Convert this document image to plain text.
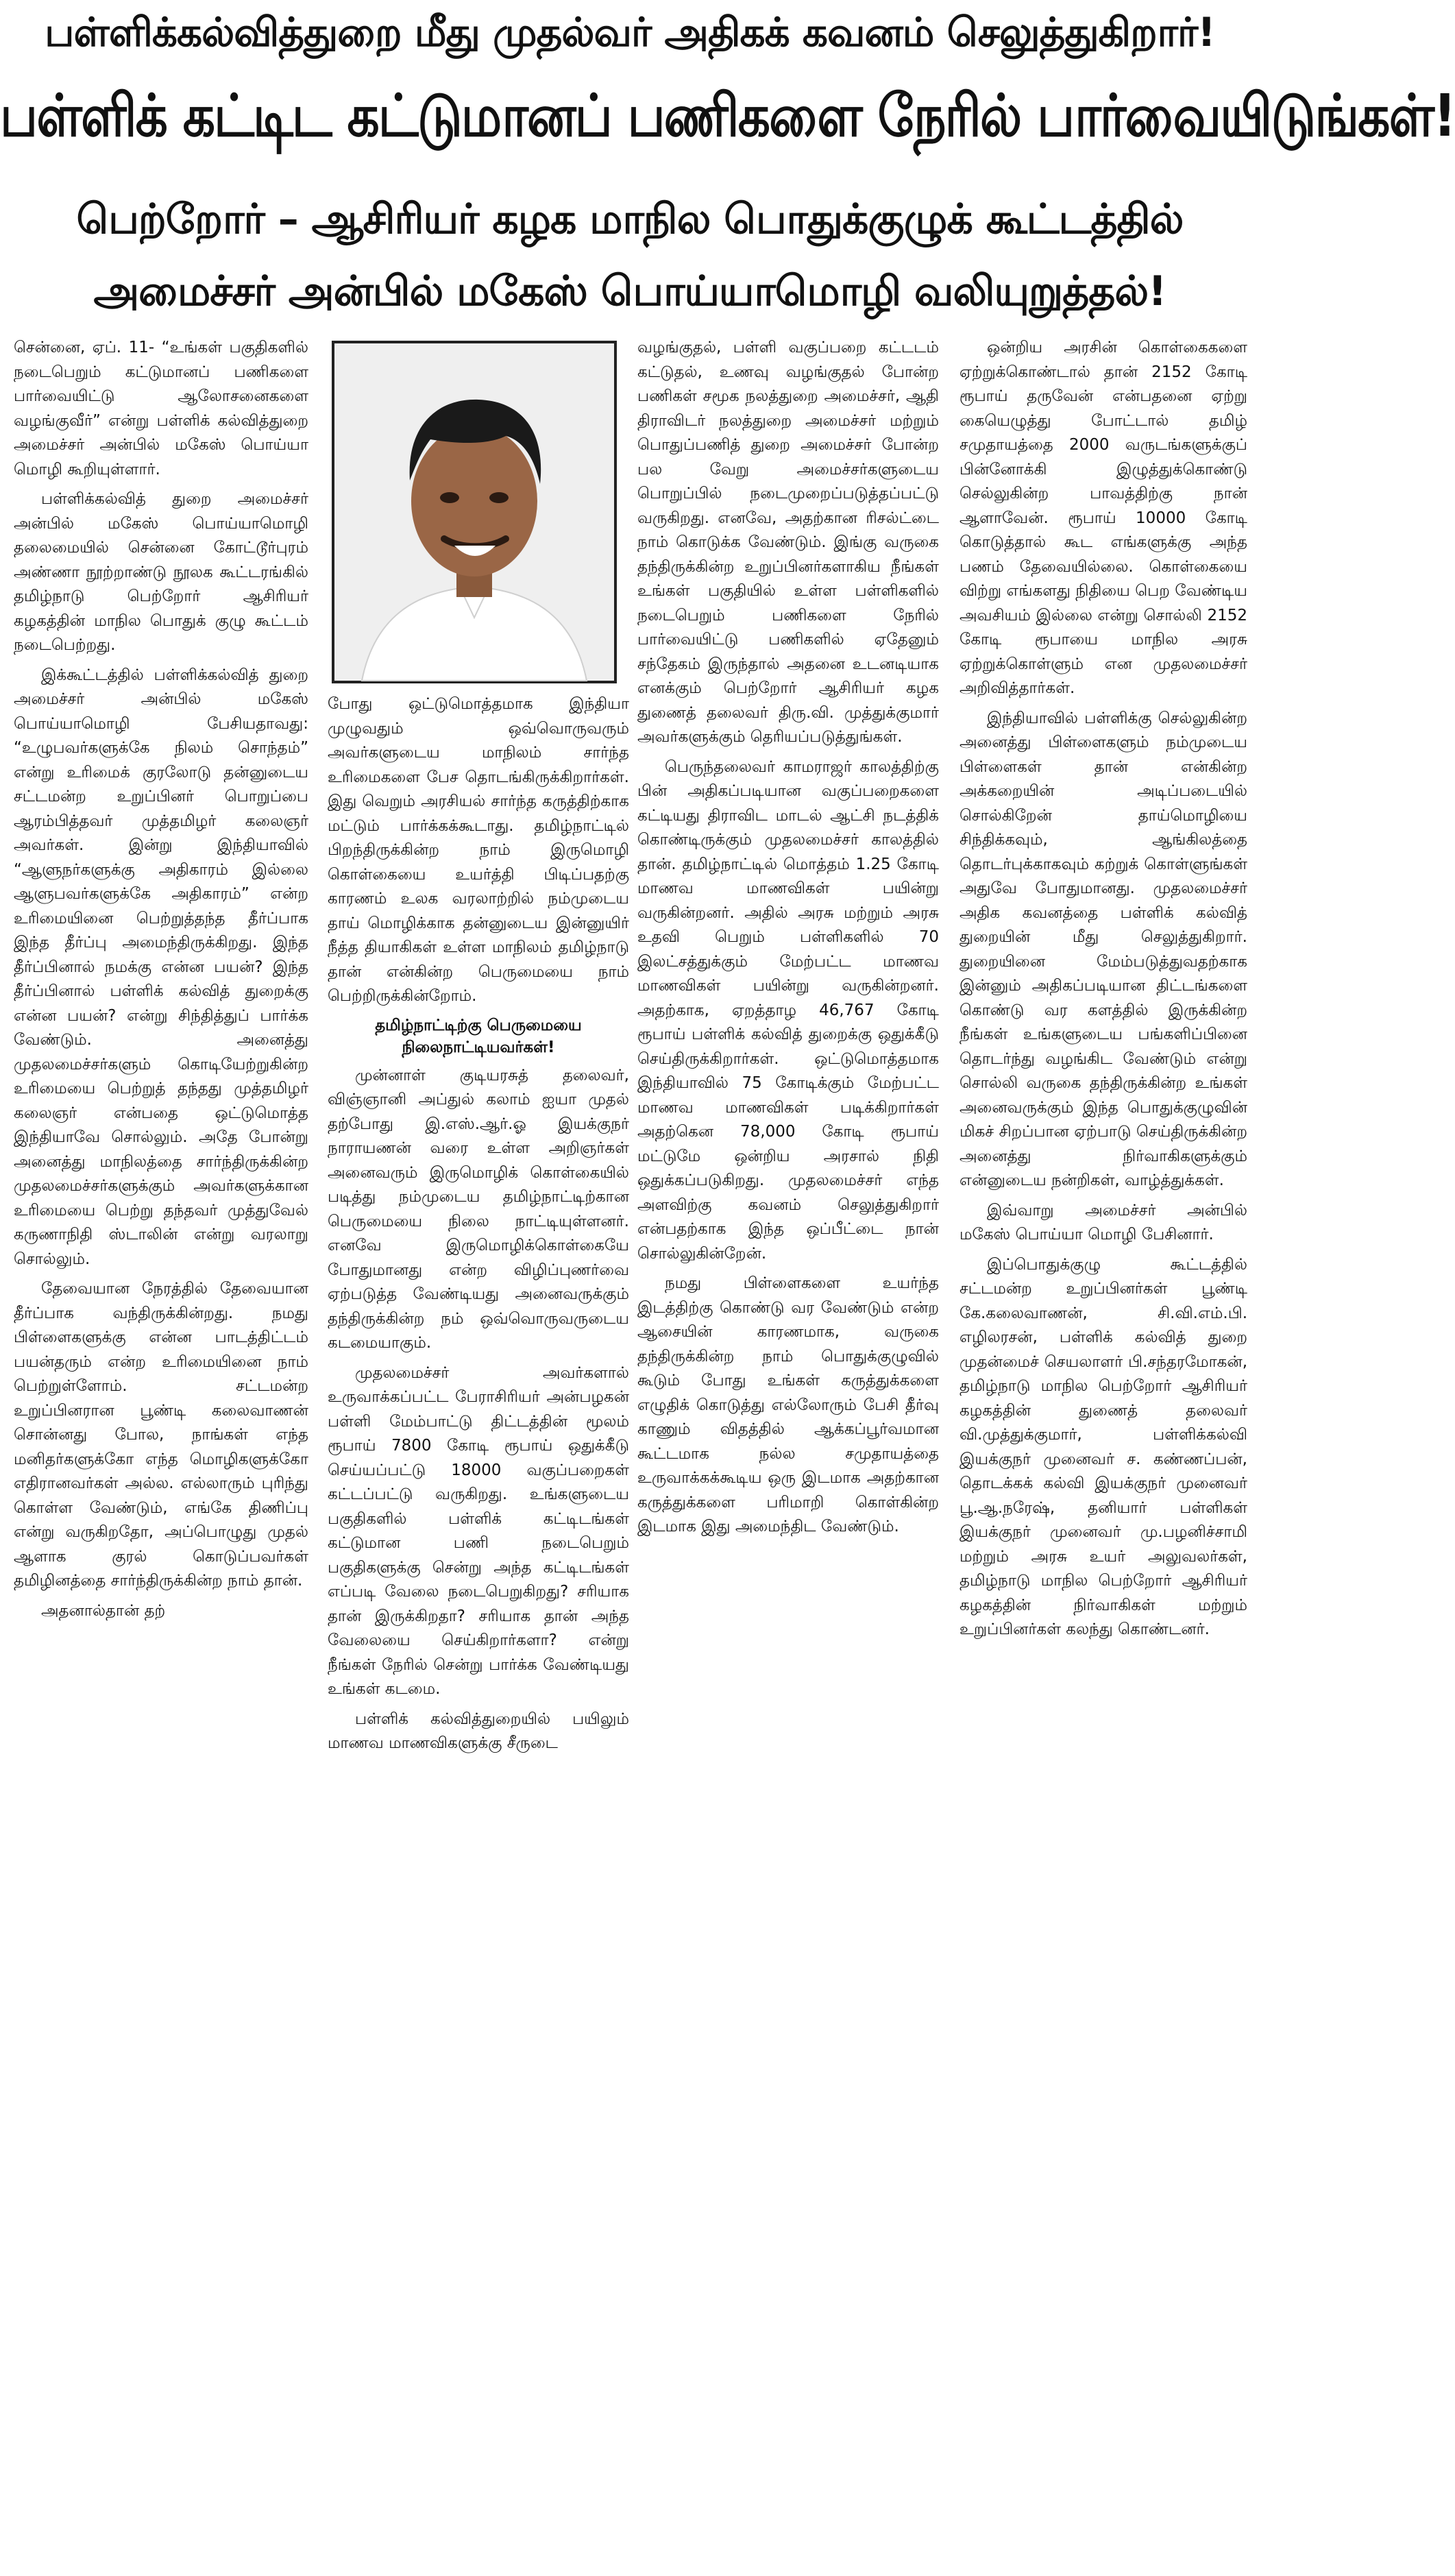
பள்ளிக்கல்வித்துறை மீது முதல்வர் அதிகக் கவனம் செலுத்துகிறார்!
பள்ளிக் கட்டிட கட்டுமானப் பணிகளை நேரில் பார்வையிடுங்கள்!
பெற்றோர் – ஆசிரியர் கழக மாநில பொதுக்குழுக் கூட்டத்தில்
அமைச்சர் அன்பில் மகேஸ் பொய்யாமொழி வலியுறுத்தல்!

சென்னை, ஏப். 11- “உங்கள் பகுதிகளில் நடைபெறும் கட்டுமானப் பணிகளை பார்வையிட்டு ஆலோசனைகளை வழங்குவீர்” என்று பள்ளிக் கல்வித்துறை அமைச்சர் அன்பில் மகேஸ் பொய்யா மொழி கூறியுள்ளார்.

பள்ளிக்கல்வித் துறை அமைச்சர் அன்பில் மகேஸ் பொய்யாமொழி தலைமையில் சென்னை கோட்டூர்புரம் அண்ணா நூற்றாண்டு நூலக கூட்டரங்கில் தமிழ்நாடு பெற்றோர் ஆசிரியர் கழகத்தின் மாநில பொதுக் குழு கூட்டம் நடைபெற்றது.

இக்கூட்டத்தில் பள்ளிக்கல்வித் துறை அமைச்சர் அன்பில் மகேஸ் பொய்யாமொழி பேசியதாவது: “உழுபவர்களுக்கே நிலம் சொந்தம்” என்று உரிமைக் குரலோடு தன்னுடைய சட்டமன்ற உறுப்பினர் பொறுப்பை ஆரம்பித்தவர் முத்தமிழர் கலைஞர் அவர்கள். இன்று இந்தியாவில் “ஆளுநர்களுக்கு அதிகாரம் இல்லை ஆளுபவர்களுக்கே அதிகாரம்” என்ற உரிமையினை பெற்றுத்தந்த தீர்ப்பாக இந்த தீர்ப்பு அமைந்திருக்கிறது. இந்த தீர்ப்பினால் நமக்கு என்ன பயன்? இந்த தீர்ப்பினால் பள்ளிக் கல்வித் துறைக்கு என்ன பயன்? என்று சிந்தித்துப் பார்க்க வேண்டும். அனைத்து முதலமைச்சர்களும் கொடியேற்றுகின்ற உரிமையை பெற்றுத் தந்தது முத்தமிழர் கலைஞர் என்பதை ஒட்டுமொத்த இந்தியாவே சொல்லும். அதே போன்று அனைத்து மாநிலத்தை சார்ந்திருக்கின்ற முதலமைச்சர்களுக்கும் அவர்களுக்கான உரிமையை பெற்று தந்தவர் முத்துவேல் கருணாநிதி ஸ்டாலின் என்று வரலாறு சொல்லும்.

தேவையான நேரத்தில் தேவையான தீர்ப்பாக வந்திருக்கின்றது. நமது பிள்ளைகளுக்கு என்ன பாடத்திட்டம் பயன்தரும் என்ற உரிமையினை நாம் பெற்றுள்ளோம். சட்டமன்ற உறுப்பினரான பூண்டி கலைவாணன் சொன்னது போல, நாங்கள் எந்த மனிதர்களுக்கோ எந்த மொழிகளுக்கோ எதிரானவர்கள் அல்ல. எல்லாரும் புரிந்து கொள்ள வேண்டும், எங்கே திணிப்பு என்று வருகிறதோ, அப்பொழுது முதல் ஆளாக குரல் கொடுப்பவர்கள் தமிழினத்தை சார்ந்திருக்கின்ற நாம் தான்.

அதனால்தான் தற்

போது ஒட்டுமொத்தமாக இந்தியா முழுவதும் ஒவ்வொருவரும் அவர்களுடைய மாநிலம் சார்ந்த உரிமைகளை பேச தொடங்கிருக்கிறார்கள். இது வெறும் அரசியல் சார்ந்த கருத்திற்காக மட்டும் பார்க்கக்கூடாது. தமிழ்நாட்டில் பிறந்திருக்கின்ற நாம் இருமொழி கொள்கையை உயர்த்தி பிடிப்பதற்கு காரணம் உலக வரலாற்றில் நம்முடைய தாய் மொழிக்காக தன்னுடைய இன்னுயிர் நீத்த தியாகிகள் உள்ள மாநிலம் தமிழ்நாடு தான் என்கின்ற பெருமையை நாம் பெற்றிருக்கின்றோம்.

தமிழ்நாட்டிற்கு பெருமையை நிலைநாட்டியவர்கள்!

முன்னாள் குடியரசுத் தலைவர், விஞ்ஞானி அப்துல் கலாம் ஐயா முதல் தற்போது இ.எஸ்.ஆர்.ஓ இயக்குநர் நாராயணன் வரை உள்ள அறிஞர்கள் அனைவரும் இருமொழிக் கொள்கையில் படித்து நம்முடைய தமிழ்நாட்டிற்கான பெருமையை நிலை நாட்டியுள்ளனர். எனவே இருமொழிக்கொள்கையே போதுமானது என்ற விழிப்புணர்வை ஏற்படுத்த வேண்டியது அனைவருக்கும் தந்திருக்கின்ற நம் ஒவ்வொருவருடைய கடமையாகும்.

முதலமைச்சர் அவர்களால் உருவாக்கப்பட்ட பேராசிரியர் அன்பழகன் பள்ளி மேம்பாட்டு திட்டத்தின் மூலம் ரூபாய் 7800 கோடி ரூபாய் ஒதுக்கீடு செய்யப்பட்டு 18000 வகுப்பறைகள் கட்டப்பட்டு வருகிறது. உங்களுடைய பகுதிகளில் பள்ளிக் கட்டிடங்கள் கட்டுமான பணி நடைபெறும் பகுதிகளுக்கு சென்று அந்த கட்டிடங்கள் எப்படி வேலை நடைபெறுகிறது? சரியாக தான் இருக்கிறதா? சரியாக தான் அந்த வேலையை செய்கிறார்களா? என்று நீங்கள் நேரில் சென்று பார்க்க வேண்டியது உங்கள் கடமை.

பள்ளிக் கல்வித்துறையில் பயிலும் மாணவ மாணவிகளுக்கு சீருடை

வழங்குதல், பள்ளி வகுப்பறை கட்டடம் கட்டுதல், உணவு வழங்குதல் போன்ற பணிகள் சமூக நலத்துறை அமைச்சர், ஆதி திராவிடர் நலத்துறை அமைச்சர் மற்றும் பொதுப்பணித் துறை அமைச்சர் போன்ற பல வேறு அமைச்சர்களுடைய பொறுப்பில் நடைமுறைப்படுத்தப்பட்டு வருகிறது. எனவே, அதற்கான ரிசல்ட்டை நாம் கொடுக்க வேண்டும். இங்கு வருகை தந்திருக்கின்ற உறுப்பினர்களாகிய நீங்கள் உங்கள் பகுதியில் உள்ள பள்ளிகளில் நடைபெறும் பணிகளை நேரில் பார்வையிட்டு பணிகளில் ஏதேனும் சந்தேகம் இருந்தால் அதனை உடனடியாக எனக்கும் பெற்றோர் ஆசிரியர் கழக துணைத் தலைவர் திரு.வி. முத்துக்குமார் அவர்களுக்கும் தெரியப்படுத்துங்கள்.

பெருந்தலைவர் காமராஜர் காலத்திற்கு பின் அதிகப்படியான வகுப்பறைகளை கட்டியது திராவிட மாடல் ஆட்சி நடத்திக் கொண்டிருக்கும் முதலமைச்சர் காலத்தில் தான். தமிழ்நாட்டில் மொத்தம் 1.25 கோடி மாணவ மாணவிகள் பயின்று வருகின்றனர். அதில் அரசு மற்றும் அரசு உதவி பெறும் பள்ளிகளில் 70 இலட்சத்துக்கும் மேற்பட்ட மாணவ மாணவிகள் பயின்று வருகின்றனர். அதற்காக, ஏறத்தாழ 46,767 கோடி ரூபாய் பள்ளிக் கல்வித் துறைக்கு ஒதுக்கீடு செய்திருக்கிறார்கள். ஒட்டுமொத்தமாக இந்தியாவில் 75 கோடிக்கும் மேற்பட்ட மாணவ மாணவிகள் படிக்கிறார்கள் அதற்கென 78,000 கோடி ரூபாய் மட்டுமே ஒன்றிய அரசால் நிதி ஒதுக்கப்படுகிறது. முதலமைச்சர் எந்த அளவிற்கு கவனம் செலுத்துகிறார் என்பதற்காக இந்த ஒப்பீட்டை நான் சொல்லுகின்றேன்.

நமது பிள்ளைகளை உயர்ந்த இடத்திற்கு கொண்டு வர வேண்டும் என்ற ஆசையின் காரணமாக, வருகை தந்திருக்கின்ற நாம் பொதுக்குழுவில் கூடும் போது உங்கள் கருத்துக்களை எழுதிக் கொடுத்து எல்லோரும் பேசி தீர்வு காணும் விதத்தில் ஆக்கப்பூர்வமான கூட்டமாக நல்ல சமுதாயத்தை உருவாக்கக்கூடிய ஒரு இடமாக அதற்கான கருத்துக்களை பரிமாறி கொள்கின்ற இடமாக இது அமைந்திட வேண்டும்.

ஒன்றிய அரசின் கொள்கைகளை ஏற்றுக்கொண்டால் தான் 2152 கோடி ரூபாய் தருவேன் என்பதனை ஏற்று கையெழுத்து போட்டால் தமிழ் சமுதாயத்தை 2000 வருடங்களுக்குப் பின்னோக்கி இழுத்துக்கொண்டு செல்லுகின்ற பாவத்திற்கு நான் ஆளாவேன். ரூபாய் 10000 கோடி கொடுத்தால் கூட எங்களுக்கு அந்த பணம் தேவையில்லை. கொள்கையை விற்று எங்களது நிதியை பெற வேண்டிய அவசியம் இல்லை என்று சொல்லி 2152 கோடி ரூபாயை மாநில அரசு ஏற்றுக்கொள்ளும் என முதலமைச்சர் அறிவித்தார்கள்.

இந்தியாவில் பள்ளிக்கு செல்லுகின்ற அனைத்து பிள்ளைகளும் நம்முடைய பிள்ளைகள் தான் என்கின்ற அக்கறையின் அடிப்படையில் சொல்கிறேன் தாய்மொழியை சிந்திக்கவும், ஆங்கிலத்தை தொடர்புக்காகவும் கற்றுக் கொள்ளுங்கள் அதுவே போதுமானது. முதலமைச்சர் அதிக கவனத்தை பள்ளிக் கல்வித் துறையின் மீது செலுத்துகிறார். துறையினை மேம்படுத்துவதற்காக இன்னும் அதிகப்படியான திட்டங்களை கொண்டு வர களத்தில் இருக்கின்ற நீங்கள் உங்களுடைய பங்களிப்பினை தொடர்ந்து வழங்கிட வேண்டும் என்று சொல்லி வருகை தந்திருக்கின்ற உங்கள் அனைவருக்கும் இந்த பொதுக்குழுவின் மிகச் சிறப்பான ஏற்பாடு செய்திருக்கின்ற அனைத்து நிர்வாகிகளுக்கும் என்னுடைய நன்றிகள், வாழ்த்துக்கள்.

இவ்வாறு அமைச்சர் அன்பில் மகேஸ் பொய்யா மொழி பேசினார்.

இப்பொதுக்குழு கூட்டத்தில் சட்டமன்ற உறுப்பினர்கள் பூண்டி கே.கலைவாணன், சி.வி.எம்.பி. எழிலரசன், பள்ளிக் கல்வித் துறை முதன்மைச் செயலாளர் பி.சந்தரமோகன், தமிழ்நாடு மாநில பெற்றோர் ஆசிரியர் கழகத்தின் துணைத் தலைவர் வி.முத்துக்குமார், பள்ளிக்கல்வி இயக்குநர் முனைவர் ச. கண்ணப்பன், தொடக்கக் கல்வி இயக்குநர் முனைவர் பூ.ஆ.நரேஷ், தனியார் பள்ளிகள் இயக்குநர் முனைவர் மு.பழனிச்சாமி மற்றும் அரசு உயர் அலுவலர்கள், தமிழ்நாடு மாநில பெற்றோர் ஆசிரியர் கழகத்தின் நிர்வாகிகள் மற்றும் உறுப்பினர்கள் கலந்து கொண்டனர்.
